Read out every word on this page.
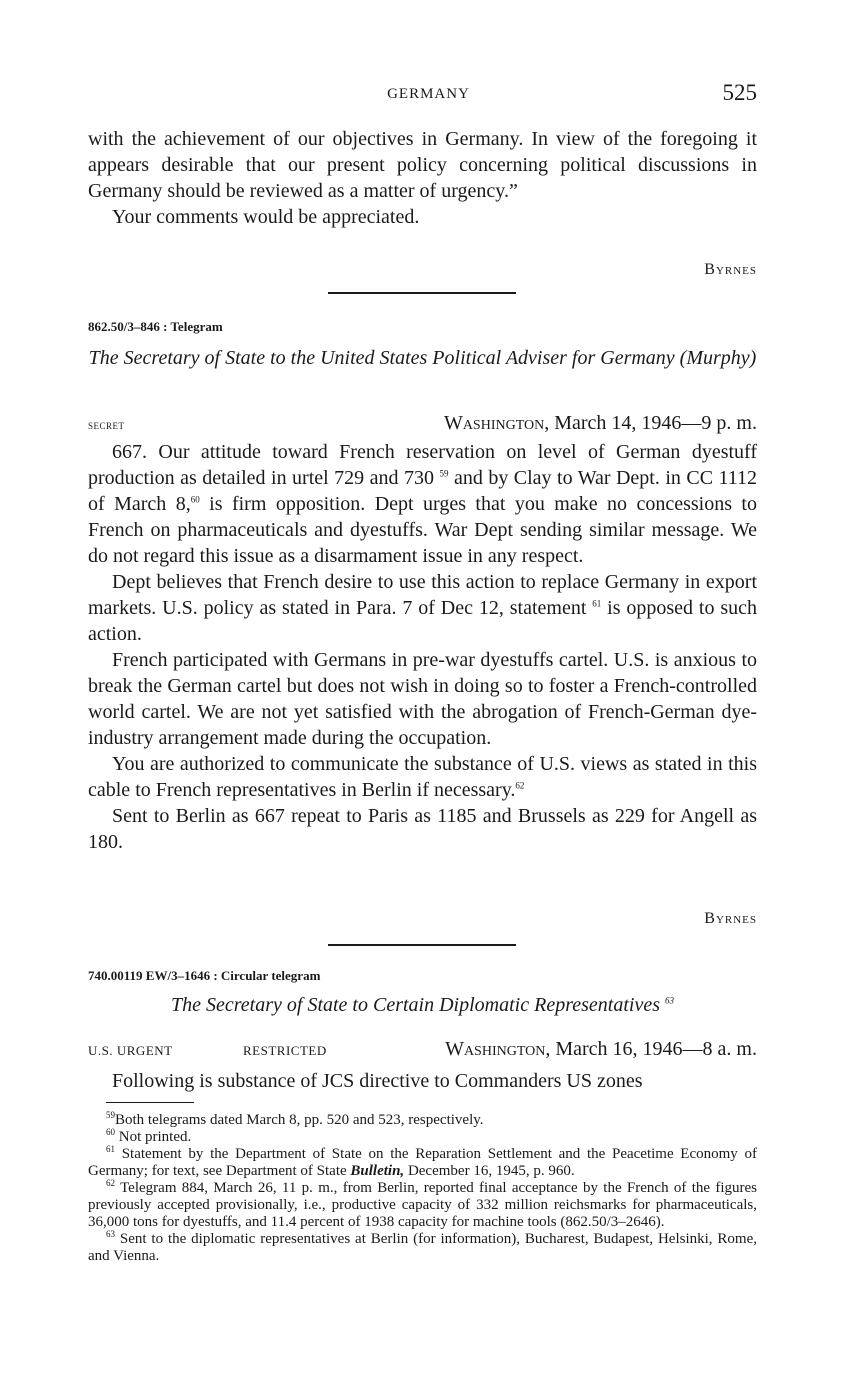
GERMANY	525

with the achievement of our objectives in Germany. In view of the foregoing it appears desirable that our present policy concerning political discussions in Germany should be reviewed as a matter of urgency.”

Your comments would be appreciated.

Byrnes
862.50/3–846 : Telegram
The Secretary of State to the United States Political Adviser for Germany (Murphy)
secret	Washington, March 14, 1946—9 p. m.

667. Our attitude toward French reservation on level of German dyestuff production as detailed in urtel 729 and 730 $^{59}$ and by Clay to War Dept. in CC 1112 of March 8,60 is firm opposition. Dept urges that you make no concessions to French on pharmaceuticals and dyestuffs. War Dept sending similar message. We do not regard this issue as a disarmament issue in any respect.

Dept believes that French desire to use this action to replace Germany in export markets. U.S. policy as stated in Para. 7 of Dec 12, statement $^{61}$ is opposed to such action.

French participated with Germans in pre-war dyestuffs cartel. U.S. is anxious to break the German cartel but does not wish in doing so to foster a French-controlled world cartel. We are not yet satisfied with the abrogation of French-German dye-industry arrangement made during the occupation.

You are authorized to communicate the substance of U.S. views as stated in this cable to French representatives in Berlin if necessary.$^{62}$

Sent to Berlin as 667 repeat to Paris as 1185 and Brussels as 229 for Angell as 180.

Byrnes
740.00119 EW/3–1646 : Circular telegram
The Secretary of State to Certain Diplomatic Representatives $^{63}$
U.S. URGENT	RESTRICTED	Washington, March 16, 1946—8 a. m.

Following is substance of JCS directive to Commanders US zones

$^{59}$Both telegrams dated March 8, pp. 520 and 523, respectively.

$^{60}$ Not printed.

$^{61}$ Statement by the Department of State on the Reparation Settlement and the Peacetime Economy of Germany; for text, see Department of State Bulletin, December 16, 1945, p. 960.

$^{62}$ Telegram 884, March 26, 11 p. m., from Berlin, reported final acceptance by the French of the figures previously accepted provisionally, i.e., productive capacity of 332 million reichsmarks for pharmaceuticals, 36,000 tons for dyestuffs, and 11.4 percent of 1938 capacity for machine tools (862.50/3–2646).

$^{63}$ Sent to the diplomatic representatives at Berlin (for information), Bucharest, Budapest, Helsinki, Rome, and Vienna.
